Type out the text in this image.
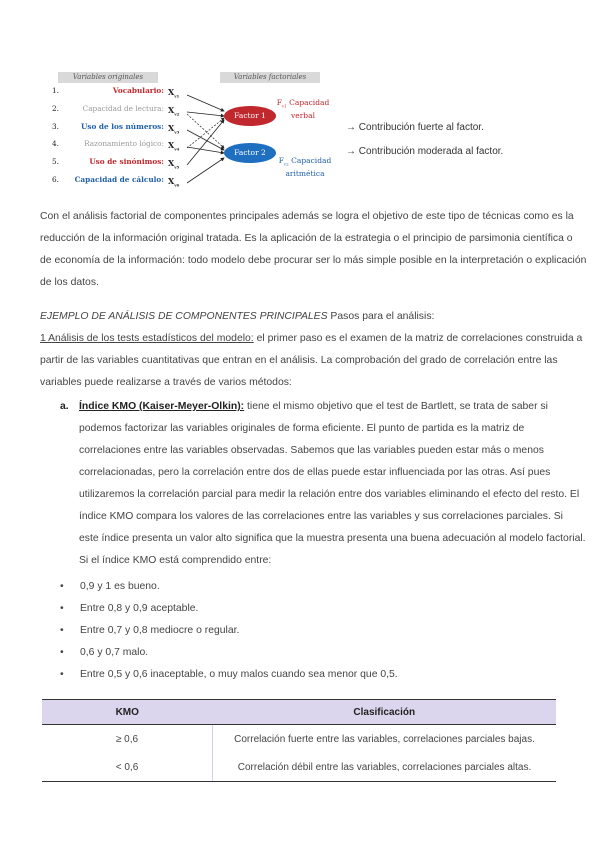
Variables originales	Variables factoriales
1.	Vocabulario:
2.	Capacidad de lectura:
3.	Uso de los números:
4.	Razonamiento lógico:
5.	Uso de sinónimos:
6. Capacidad de cálculo:
$X_{v1}$
$X_{v2}$
$X_{v3}$
$X_{v4}$
$X_{v5}$
$X_{v6}$
Factor 1
Factor 2
$F_{v1}$ Capacidad
verbal
$F_{v2}$ Capacidad
aritmética
→ Contribución fuerte al factor.
→ Contribución moderada al factor.
Con el análisis factorial de componentes principales además se logra el objetivo de este tipo de técnicas como es la
reducción de la información original tratada. Es la aplicación de la estrategia o el principio de parsimonia científica o
de economía de la información: todo modelo debe procurar ser lo más simple posible en la interpretación o explicación
de los datos.
EJEMPLO DE ANÁLISIS DE COMPONENTES PRINCIPALES Pasos para el análisis:
1 Análisis de los tests estadísticos del modelo: el primer paso es el examen de la matriz de correlaciones construida a
partir de las variables cuantitativas que entran en el análisis. La comprobación del grado de correlación entre las
variables puede realizarse a través de varios métodos:
a. Índice KMO (Kaiser-Meyer-Olkin): tiene el mismo objetivo que el test de Bartlett, se trata de saber si
podemos factorizar las variables originales de forma eficiente. El punto de partida es la matriz de
correlaciones entre las variables observadas. Sabemos que las variables pueden estar más o menos
correlacionadas, pero la correlación entre dos de ellas puede estar influenciada por las otras. Así pues
utilizaremos la correlación parcial para medir la relación entre dos variables eliminando el efecto del resto. El
índice KMO compara los valores de las correlaciones entre las variables y sus correlaciones parciales. Si
este índice presenta un valor alto significa que la muestra presenta una buena adecuación al modelo factorial.
Si el índice KMO está comprendido entre:
• 0,9 y 1 es bueno.
• Entre 0,8 y 0,9 aceptable.
• Entre 0,7 y 0,8 mediocre o regular.
• 0,6 y 0,7 malo.
• Entre 0,5 y 0,6 inaceptable, o muy malos cuando sea menor que 0,5.
KMO	Clasificación
≥ 0,6	Correlación fuerte entre las variables, correlaciones parciales bajas.
< 0,6	Correlación débil entre las variables, correlaciones parciales altas.
